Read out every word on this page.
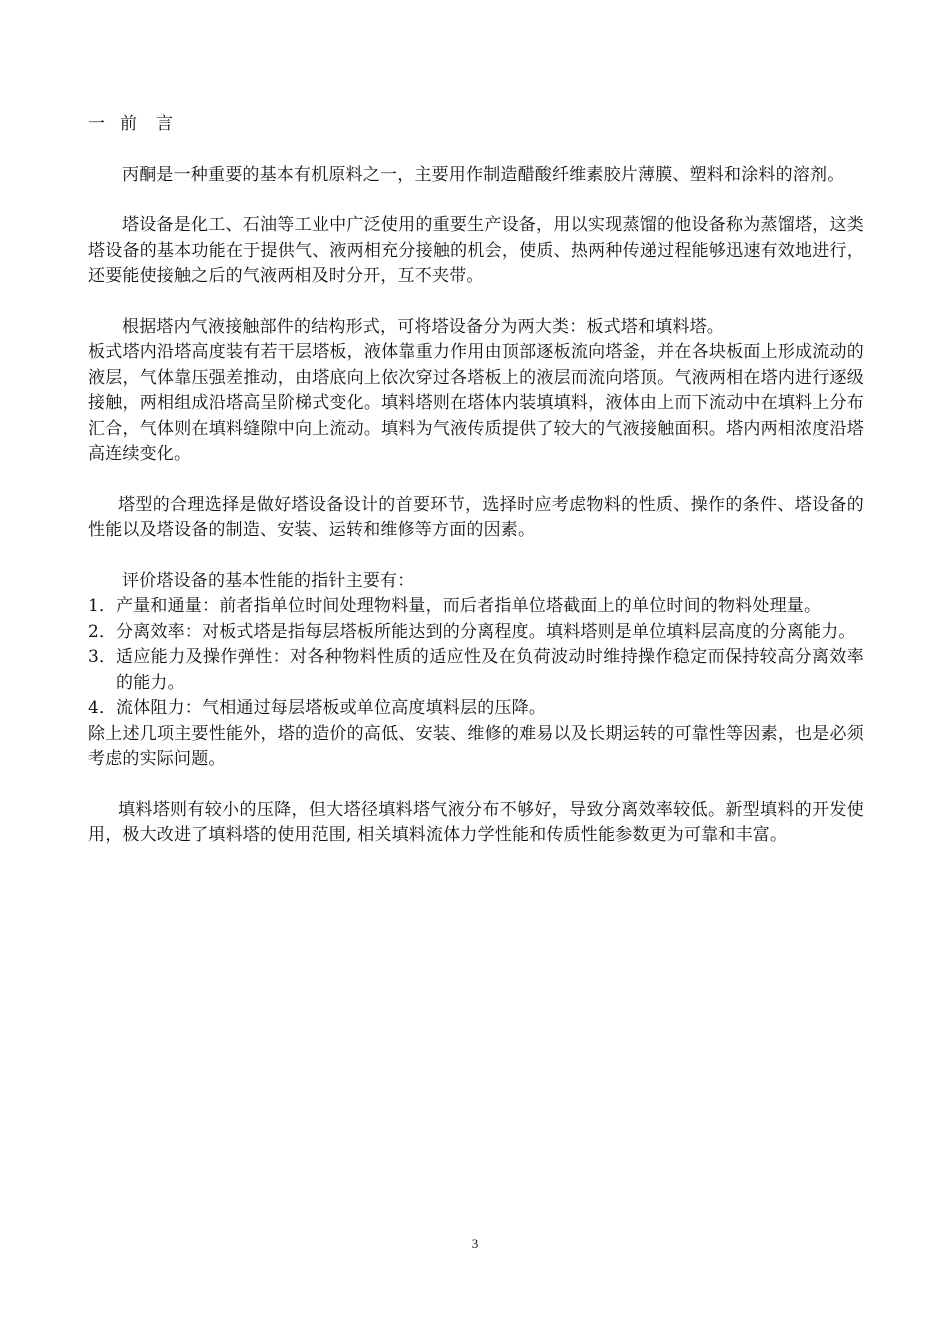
一 前　言

丙酮是一种重要的基本有机原料之一，主要用作制造醋酸纤维素胶片薄膜、塑料和涂料的溶剂。

塔设备是化工、石油等工业中广泛使用的重要生产设备，用以实现蒸馏的他设备称为蒸馏塔，这类塔设备的基本功能在于提供气、液两相充分接触的机会，使质、热两种传递过程能够迅速有效地进行，还要能使接触之后的气液两相及时分开，互不夹带。

根据塔内气液接触部件的结构形式，可将塔设备分为两大类：板式塔和填料塔。

板式塔内沿塔高度装有若干层塔板，液体靠重力作用由顶部逐板流向塔釜，并在各块板面上形成流动的液层，气体靠压强差推动，由塔底向上依次穿过各塔板上的液层而流向塔顶。气液两相在塔内进行逐级接触，两相组成沿塔高呈阶梯式变化。填料塔则在塔体内装填填料，液体由上而下流动中在填料上分布汇合，气体则在填料缝隙中向上流动。填料为气液传质提供了较大的气液接触面积。塔内两相浓度沿塔高连续变化。

塔型的合理选择是做好塔设备设计的首要环节，选择时应考虑物料的性质、操作的条件、塔设备的性能以及塔设备的制造、安装、运转和维修等方面的因素。

评价塔设备的基本性能的指针主要有：

1． 产量和通量：前者指单位时间处理物料量，而后者指单位塔截面上的单位时间的物料处理量。
2． 分离效率：对板式塔是指每层塔板所能达到的分离程度。填料塔则是单位填料层高度的分离能力。
3． 适应能力及操作弹性：对各种物料性质的适应性及在负荷波动时维持操作稳定而保持较高分离效率的能力。
4． 流体阻力：气相通过每层塔板或单位高度填料层的压降。

除上述几项主要性能外，塔的造价的高低、安装、维修的难易以及长期运转的可靠性等因素，也是必须考虑的实际问题。

填料塔则有较小的压降，但大塔径填料塔气液分布不够好，导致分离效率较低。新型填料的开发使用，极大改进了填料塔的使用范围, 相关填料流体力学性能和传质性能参数更为可靠和丰富。

3
